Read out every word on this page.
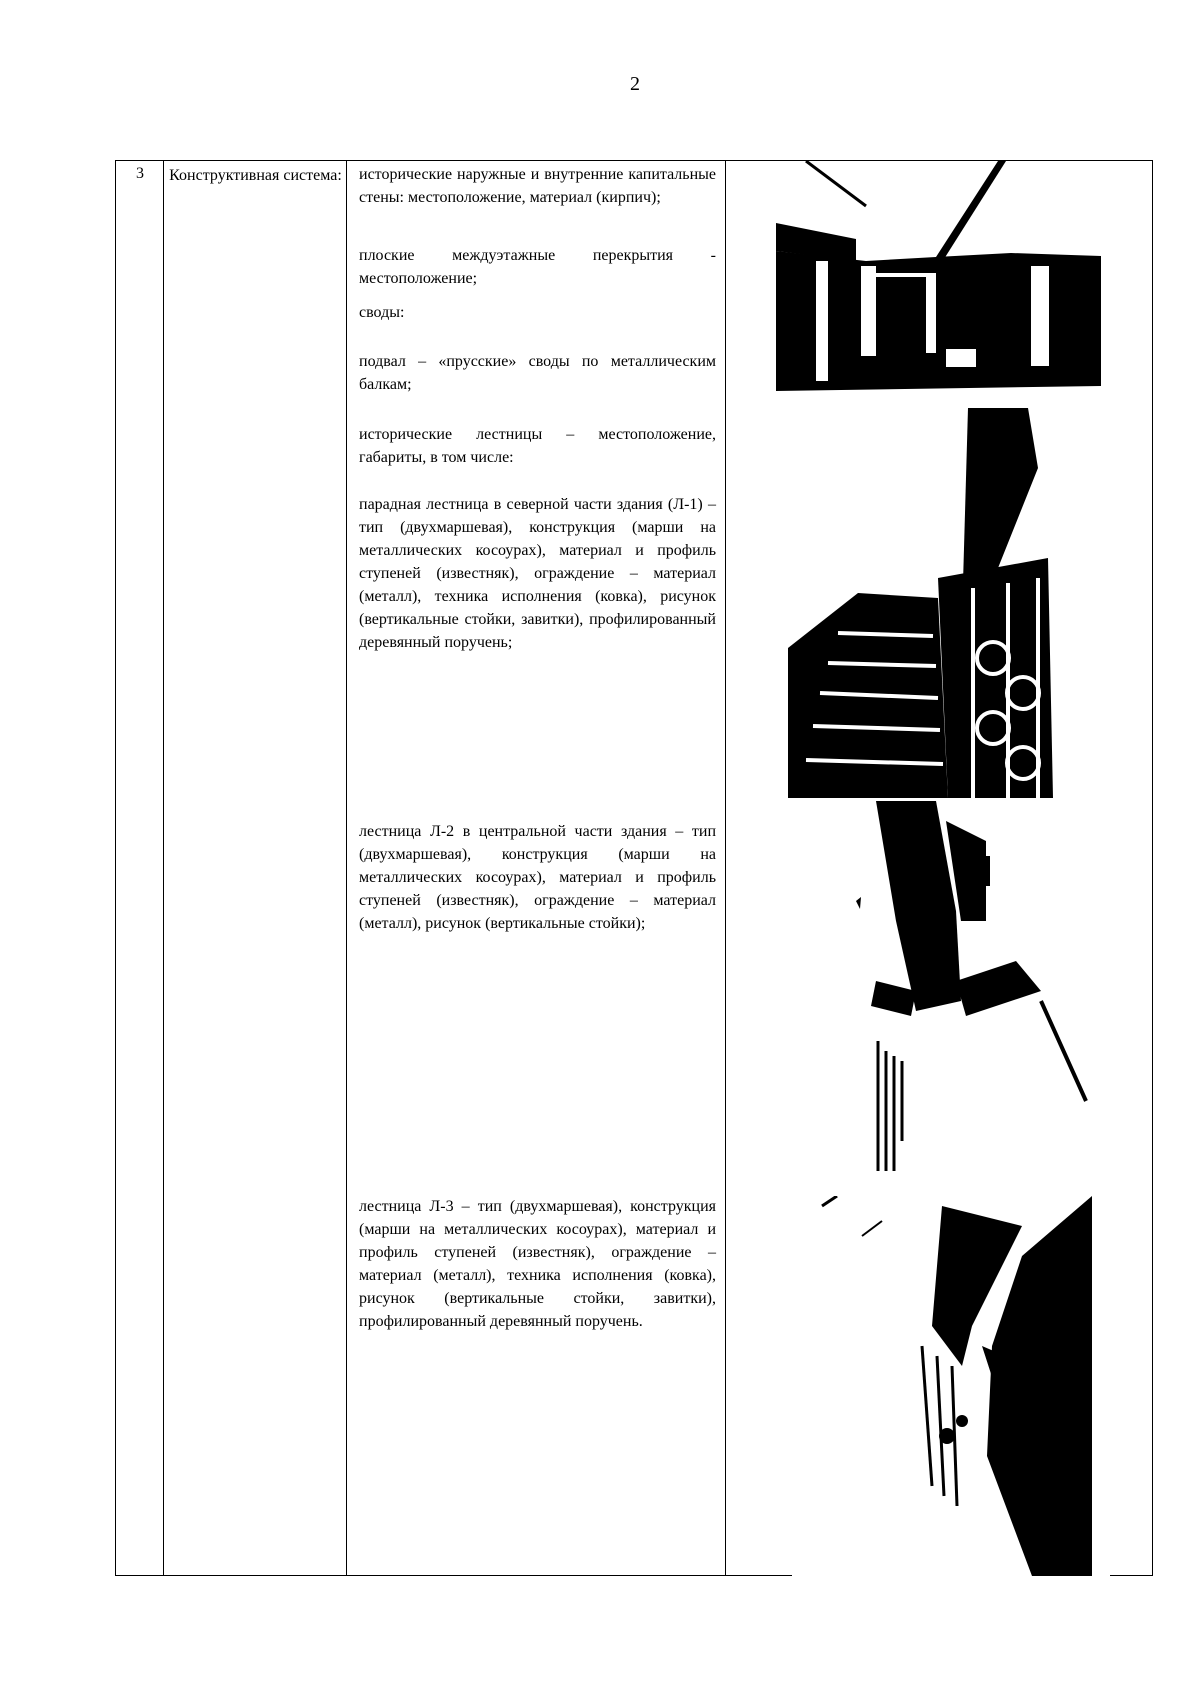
2
3	Конструктивная система:	исторические наружные и внутренние капитальные стены: местоположение, материал (кирпич);

плоские междуэтажные перекрытия - местоположение;

своды:

подвал – «прусские» своды по металлическим балкам;

исторические лестницы – местоположение, габариты, в том числе:

парадная лестница в северной части здания (Л-1) – тип (двухмаршевая), конструкция (марши на металлических косоурах), материал и профиль ступеней (известняк), ограждение – материал (металл), техника исполнения (ковка), рисунок (вертикальные стойки, завитки), профилированный деревянный поручень;

лестница Л-2 в центральной части здания – тип (двухмаршевая), конструкция (марши на металлических косоурах), материал и профиль ступеней (известняк), ограждение – материал (металл), рисунок (вертикальные стойки);

лестница Л-3 – тип (двухмаршевая), конструкция (марши на металлических косоурах), материал и профиль ступеней (известняк), ограждение – материал (металл), техника исполнения (ковка), рисунок (вертикальные стойки, завитки), профилированный деревянный поручень.
